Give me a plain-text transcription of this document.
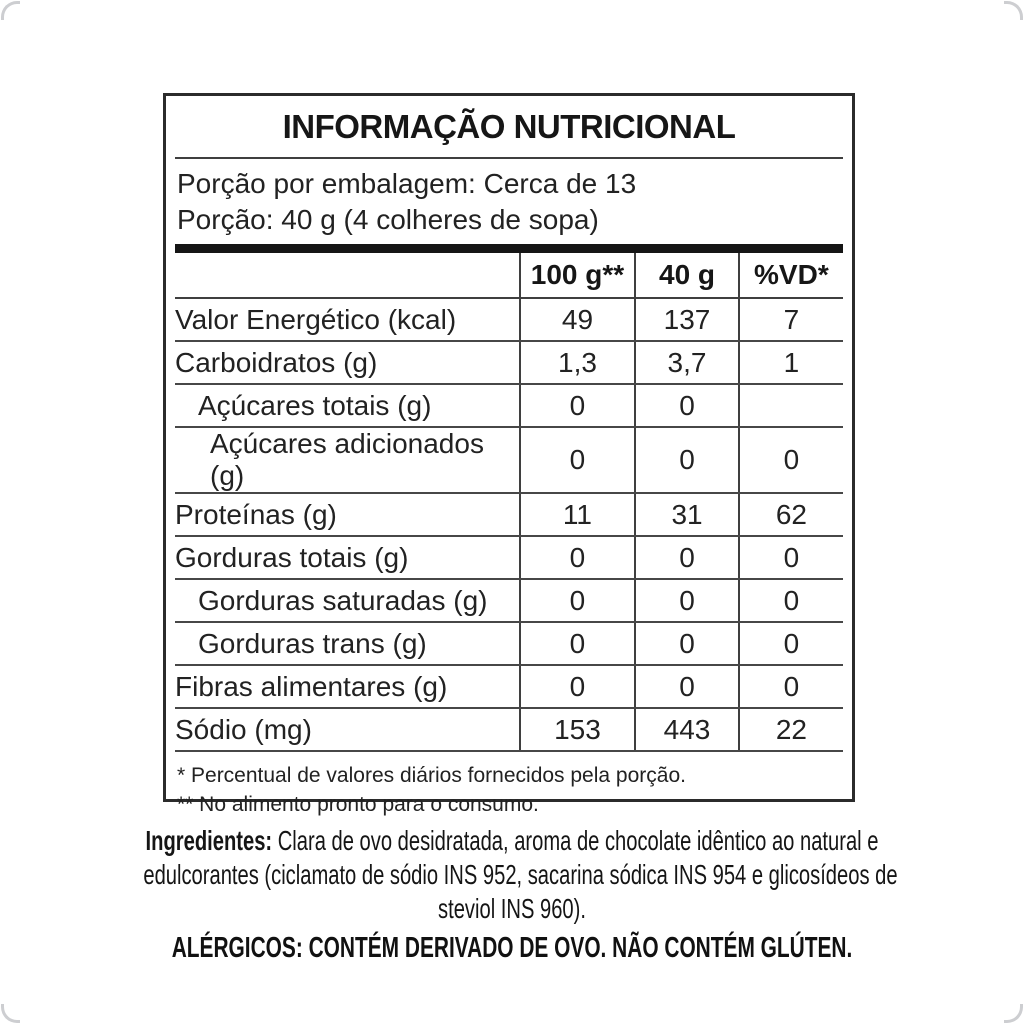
INFORMAÇÃO NUTRICIONAL
Porção por embalagem: Cerca de 13
Porção: 40 g (4 colheres de sopa)
	100 g**	40 g	%VD*
Valor Energético (kcal)	49	137	7
Carboidratos (g)	1,3	3,7	1
Açúcares totais (g)	0	0	
Açúcares adicionados (g)	0	0	0
Proteínas (g)	11	31	62
Gorduras totais (g)	0	0	0
Gorduras saturadas (g)	0	0	0
Gorduras trans (g)	0	0	0
Fibras alimentares (g)	0	0	0
Sódio (mg)	153	443	22
* Percentual de valores diários fornecidos pela porção.
** No alimento pronto para o consumo.
Ingredientes: Clara de ovo desidratada, aroma de chocolate idêntico ao natural e
edulcorantes (ciclamato de sódio INS 952, sacarina sódica INS 954 e glicosídeos de
steviol INS 960).
ALÉRGICOS: CONTÉM DERIVADO DE OVO. NÃO CONTÉM GLÚTEN.
